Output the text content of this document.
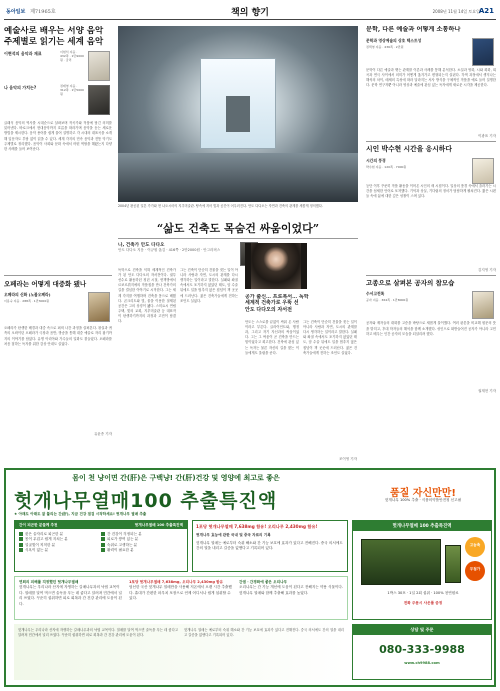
동아일보 제71965호	책의 향기	2008년 11월 14일 토요일
A21
예술사로 배우는 서양 음악
주제별로 읽기는 세계 음악
이현석의 음악과 재료	이현석 지음 · 432쪽 · 1만9000원 · 궁리
나 음악의 가치는?	권태영 지음 · 312쪽 · 1만5000원
클래식 음악의 역사를 시대순으로 살펴보며 작곡가와 작품에 담긴 의미를 읽어낸다. 바로크에서 현대음악까지 흐름을 따라가며 음악을 듣는 새로운 방법을 제시한다. 음악 용어를 쉽게 풀어 설명하고 각 시대의 대표곡을 소개해 입문자도 부담 없이 읽을 수 있다. 세계 각지의 민속 음악과 전통 악기도 주제별로 정리했다. 음악이 사회와 문화 속에서 어떤 역할을 해왔는지 다양한 사례를 들어 보여준다.
오페라는 어떻게 대중화 됐나
오페라의 신화 (노블오페라)
이용숙 지음 · 288쪽 · 1만3000원
오페라가 탄생한 배경과 대중 속으로 퍼져 나간 과정을 살펴본다. 왕실과 귀족의 오락이던 오페라가 극장과 음반, 방송을 통해 대중 예술로 자리 잡기까지의 이야기를 담았다. 유명 아리아와 가수들의 일화도 곁들였다. 오페라를 처음 접하는 독자를 위한 감상 안내도 실었다.
유윤종 기자
2004년 완공된 일본 가가와 현 나오시마의 지추미술관. 땅속에 지어 빛과 공간이 어우러진다. 안도 다다오는 자연과 건축의 관계를 새롭게 정의했다.
“삶도 건축도 목숨건 싸움이었다”
나, 건축가 안도 다다오
안도 다다오 지음 · 이규원 옮김 · 416쪽 · 2만2000원 · 안그라픽스
독학으로 건축을 익혀 세계적인 건축가가 된 안도 다다오의 자서전이다. 권투 선수로 활동하던 청년 시절, 헌책방에서 르코르뷔지에의 작품집을 만나 건축가의 길을 결심한 이야기로 시작한다. 그는 세계 각지를 여행하며 건축을 몸으로 배웠다. 콘크리트와 빛, 물을 이용한 절제된 공간은 그의 상징이 됐다. 스미요시 연립주택, 빛의 교회, 지추미술관 등 대표작이 탄생하기까지의 과정과 고민이 담겼다.
그는 건축이 단순히 건물을 짓는 일이 아니라 사람과 자연, 도시의 관계를 다시 생각하는 일이라고 말한다. 실패와 좌절 속에서도 포기하지 않았던 태도, 암 수술 뒤에도 일을 멈추지 않은 집념이 책 곳곳에 드러난다. 젊은 건축가들에게 전하는 조언도 실었다.
공가 출신… 프로복서… 독학
세계적 건축가로 우뚝 선
안도 다다오의 자서전
안도는 스스로를 끝없이 싸워 온 사람이라고 부른다. 클라이언트와, 행정과, 그리고 자기 자신과의 싸움이었다. 그는 그 싸움이 곧 건축을 만드는 힘이었다고 회고한다. 건축에 관심 있는 독자는 물론 자신의 길을 찾는 이들에게도 울림을 준다.
그는 건축이 단순히 건물을 짓는 일이 아니라 사람과 자연, 도시의 관계를 다시 생각하는 일이라고 말한다. 실패와 좌절 속에서도 포기하지 않았던 태도, 암 수술 뒤에도 일을 멈추지 않은 집념이 책 곳곳에 드러난다. 젊은 건축가들에게 전하는 조언도 실었다.
조이영 기자
문학, 다른 예술과 어떻게 소통하나
문학과 영상예술의 상호 텍스트성
권택영 지음 · 436쪽 · 2만원
문학이 다른 예술과 맺는 관계를 이론과 사례를 통해 분석한다. 소설과 영화, 시와 회화, 희곡과 연극 사이에서 의미가 어떻게 옮겨가고 변형되는지 살핀다. 각색 과정에서 생겨나는 해석의 차이, 매체의 특성에 따라 달라지는 서사 방식을 구체적인 작품을 예로 들어 설명한다. 문학 연구자뿐 아니라 영상과 예술에 관심 있는 독자에게 새로운 시각을 제공한다.
이광표 기자
시인 박수현 시간을 응시하다
시간의 풍경
박수현 지음 · 120쪽 · 7000원
등단 이후 꾸준히 작품 활동을 이어온 시인의 새 시집이다. 일상의 풍경 속에서 흘러가는 시간을 섬세한 언어로 포착했다. 기억과 상실, 기다림의 정서가 담담하게 펼쳐진다. 짧은 시편들 속에 삶에 대한 깊은 성찰이 스며 있다.
김지영 기자
고종으로 살펴본 공자의 참모습
수서고전록
공자 지음 · 364쪽 · 1만8000원
공자와 제자들의 대화를 고증을 바탕으로 새롭게 풀이했다. 여러 판본을 비교해 원문의 뜻을 밝히고, 후대 학자들의 해석을 함께 소개했다. 성인으로 떠받들어진 공자가 아니라 고민하고 배우는 인간 공자의 모습을 되살리려 했다.
권재현 기자
몸이 천 냥이면 간(肝)은 구백냥! 간(肝)건강 및 영양에 최고로 좋은
헛개나무열매100 추출특진액	품질 자신만만!
헛개나무 100% 추출 · 식품의약품안전청 신고필
★ 아래도 아래도 잘 풀리는 간(肝), 지금 건강 점검 시작하세요! 헛개나무 열매 추출
간이 피곤한 분들께 추천	헛개나무열매 100 추출특진액
잦은 술자리로 피곤한 분
몸이 무겁고 쉽게 지치는 분
얼굴빛이 칙칙한 분
식욕이 없는 분
간 건강이 걱정되는 분
피로가 쌓여 있는 분
숙취로 고생하는 분
활력이 필요한 분
1포당 헛개나무열매 7,638mg 함유! 오리나무 2,430mg 함유!
헛개나무 효능에 관한 국내 및 중국 자료의 기록
헛개나무 열매는 예로부터 숙취 해소와 간 기능 보호에 효과가 있다고 전해진다. 중국 의서에도 간의 열을 내리고 갈증을 없앤다고 기록되어 있다.
헛개나무열매 100 추출특진액
고농축
무첨가
1박스 30포 · 1일 2회 섭취 · 100% 천연원료
전화 주문시 사은품 증정
연회의 피해를 걱정했던 헛개나무열매
헛개나무는 우리나라 산지에 자생하는 갈매나무과의 낙엽 교목이다. 열매를 달여 먹으면 술독을 푸는 데 좋다고 알려져 민간에서 널리 쓰였다. 꾸준히 섭취하면 피로 회복과 간 건강 관리에 도움이 된다.
1포당 헛개나무열매 7,638mg, 오리나무 2,430mg 함유
엄선한 국산 헛개나무 열매만을 사용해 저온에서 오랜 시간 추출했다. 휴대가 간편한 파우치 포장으로 언제 어디서나 쉽게 섭취할 수 있다.
간염 · 간경화에 좋은 오리나무
오리나무는 간 기능 개선에 도움이 된다고 전해지는 약용 식물이다. 헛개나무 열매와 함께 추출해 효과를 높였다.
헛개나무는 우리나라 산지에 자생하는 갈매나무과의 낙엽 교목이다. 열매를 달여 먹으면 술독을 푸는 데 좋다고 알려져 민간에서 널리 쓰였다. 꾸준히 섭취하면 피로 회복과 간 건강 관리에 도움이 된다.
헛개나무 열매는 예로부터 숙취 해소와 간 기능 보호에 효과가 있다고 전해진다. 중국 의서에도 간의 열을 내리고 갈증을 없앤다고 기록되어 있다.
상담 및 주문
080-333-9988
www.ch9988.com
